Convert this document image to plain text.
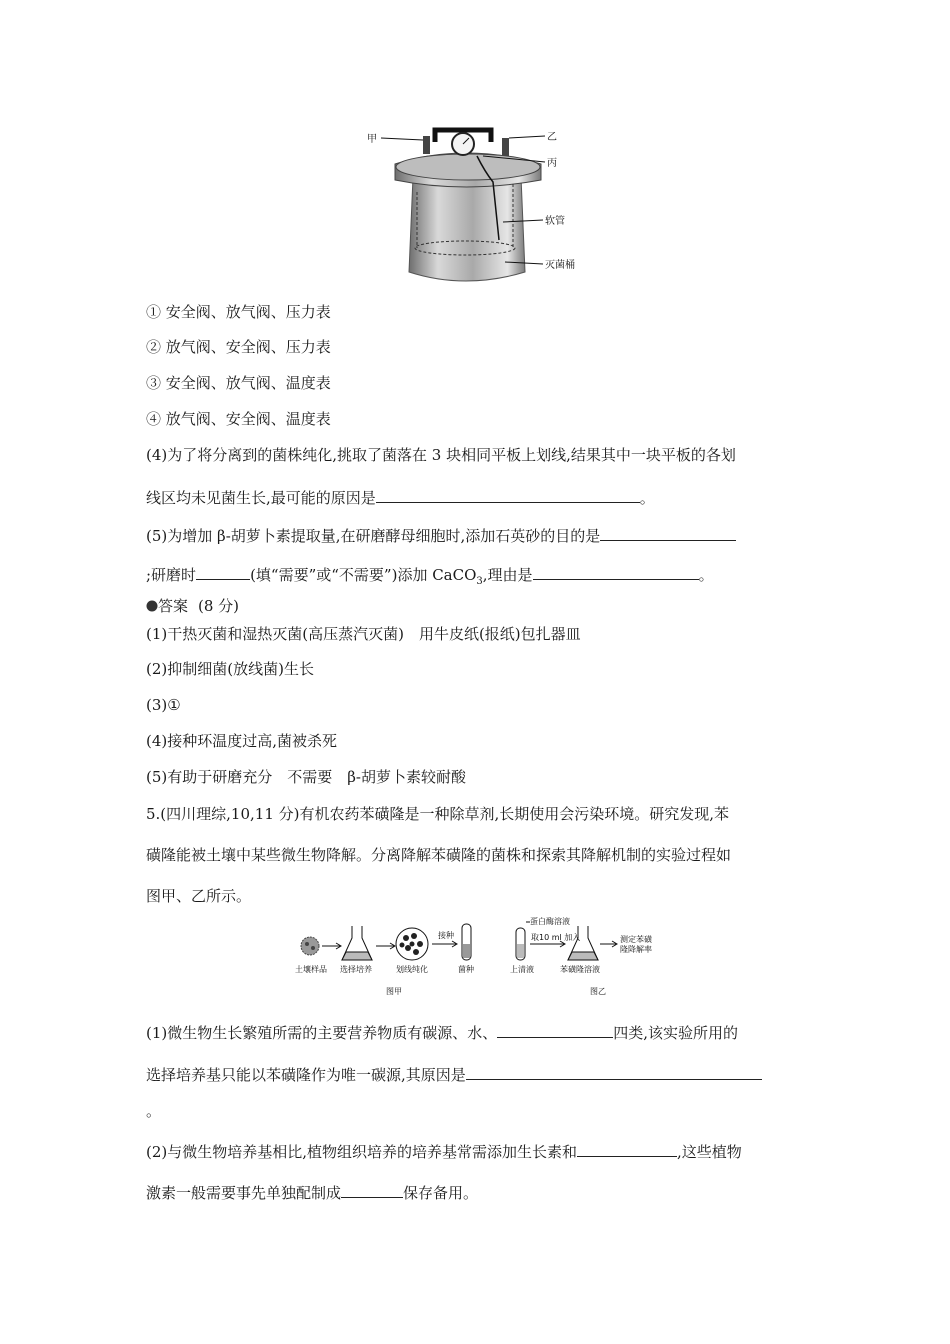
甲	乙
丙
软管
灭菌桶
① 安全阀、放气阀、压力表
② 放气阀、安全阀、压力表
③ 安全阀、放气阀、温度表
④ 放气阀、安全阀、温度表
(4)为了将分离到的菌株纯化,挑取了菌落在 3 块相同平板上划线,结果其中一块平板的各划
线区均未见菌生长,最可能的原因是	。
(5)为增加 β-胡萝卜素提取量,在研磨酵母细胞时,添加石英砂的目的是
;研磨时	(填“需要”或“不需要”)添加 CaCO$_3$,理由是	。
答案 (8 分)
(1)干热灭菌和湿热灭菌(高压蒸汽灭菌)　用牛皮纸(报纸)包扎器皿
(2)抑制细菌(放线菌)生长
(3)①
(4)接种环温度过高,菌被杀死
(5)有助于研磨充分　不需要　β-胡萝卜素较耐酸
5.(四川理综,10,11 分)有机农药苯磺隆是一种除草剂,长期使用会污染环境。研究发现,苯
磺隆能被土壤中某些微生物降解。分离降解苯磺隆的菌株和探索其降解机制的实验过程如
图甲、乙所示。
土壤样品 选择培养
接种
划线纯化	菌种
图甲
蛋白酶溶液
取10 ml 加入
上清液	苯磺隆溶液
测定苯磺
隆降解率
图乙
(1)微生物生长繁殖所需的主要营养物质有碳源、水、	四类,该实验所用的
选择培养基只能以苯磺隆作为唯一碳源,其原因是
。
(2)与微生物培养基相比,植物组织培养的培养基常需添加生长素和	,这些植物
激素一般需要事先单独配制成	保存备用。
